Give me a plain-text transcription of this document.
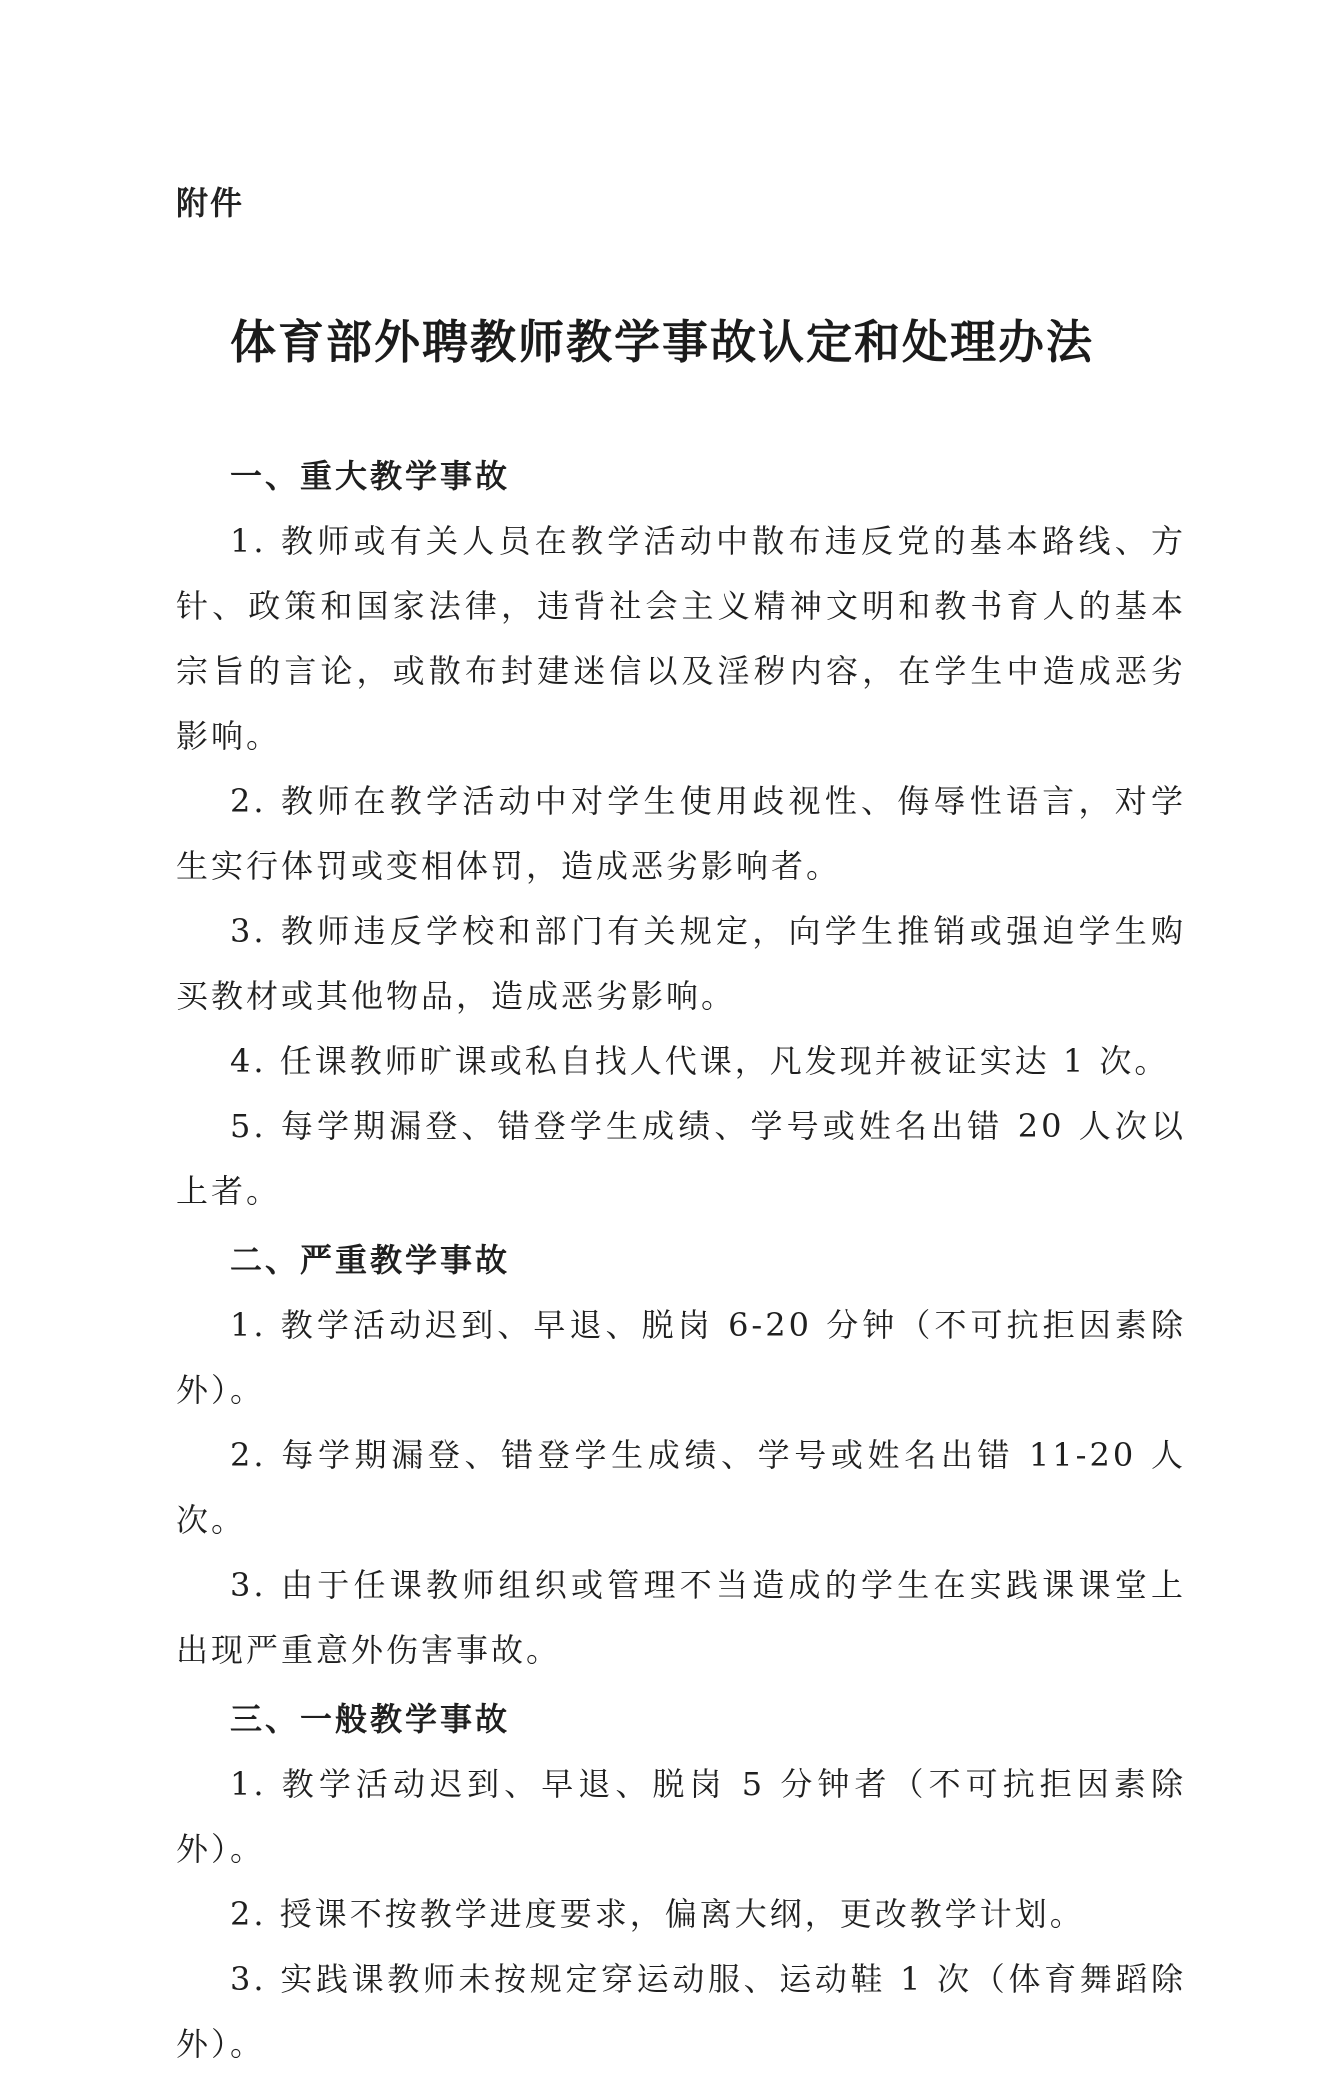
附件
体育部外聘教师教学事故认定和处理办法

一、重大教学事故

1. 教师或有关人员在教学活动中散布违反党的基本路线、方针、政策和国家法律，违背社会主义精神文明和教书育人的基本宗旨的言论，或散布封建迷信以及淫秽内容，在学生中造成恶劣影响。

2. 教师在教学活动中对学生使用歧视性、侮辱性语言，对学生实行体罚或变相体罚，造成恶劣影响者。

3. 教师违反学校和部门有关规定，向学生推销或强迫学生购买教材或其他物品，造成恶劣影响。

4. 任课教师旷课或私自找人代课，凡发现并被证实达 1 次。

5. 每学期漏登、错登学生成绩、学号或姓名出错 20 人次以上者。

二、严重教学事故

1. 教学活动迟到、早退、脱岗 6-20 分钟（不可抗拒因素除外）。

2. 每学期漏登、错登学生成绩、学号或姓名出错 11-20 人次。

3. 由于任课教师组织或管理不当造成的学生在实践课课堂上出现严重意外伤害事故。

三、一般教学事故

1. 教学活动迟到、早退、脱岗 5 分钟者（不可抗拒因素除外）。

2. 授课不按教学进度要求，偏离大纲，更改教学计划。

3. 实践课教师未按规定穿运动服、运动鞋 1 次（体育舞蹈除外）。
